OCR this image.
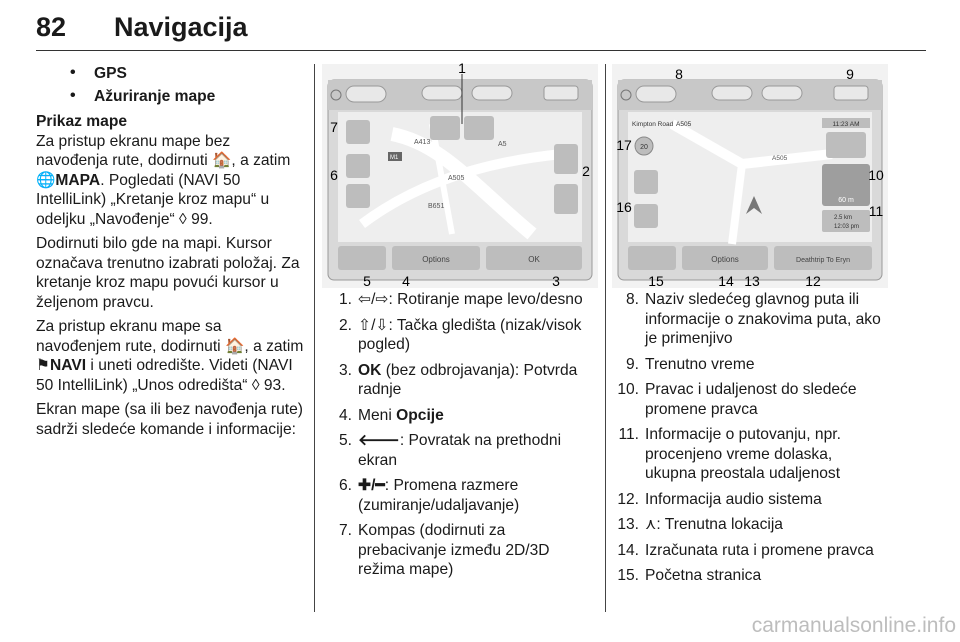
82 Navigacija
• GPS
• Ažuriranje mape
Prikaz mape

Za pristup ekranu mape bez navođenja rute, dodirnuti 🏠, a zatim 🌐MAPA. Pogledati (NAVI 50 IntelliLink) „Kretanje kroz mapu“ u odeljku „Navođenje“ ◊ 99.

Dodirnuti bilo gde na mapi. Kursor označava trenutno izabrati položaj. Za kretanje kroz mapu povući kursor u željenom pravcu.

Za pristup ekranu mape sa navođenjem rute, dodirnuti 🏠, a zatim ⚑NAVI i uneti odredište. Videti (NAVI 50 IntelliLink) „Unos odredišta“ ◊ 93.

Ekran mape (sa ili bez navođenja rute) sadrži sledeće komande i informacije:

A413	A5
M1
A505
B651
Options	OK
1
2
3
4
5
6
7	Kimpton Road A505
A505
11:23 AM
60 m
2.5 km
12:03 pm
20
Options	Deathtrip To Eryn
8	9
10
11
12
13
14
15
16
17
1. ⇦/⇨: Rotiranje mape levo/desno
2. ⇧/⇩: Tačka gledišta (nizak/visok pogled)
3. OK (bez odbrojavanja): Potvrda radnje
4. Meni Opcije
5. 🡐: Povratak na prethodni ekran
6. ✚/━: Promena razmere (zumiranje/udaljavanje)
7. Kompas (dodirnuti za prebacivanje između 2D/3D režima mape)
8. Naziv sledećeg glavnog puta ili informacije o znakovima puta, ako je primenjivo
9. Trenutno vreme
10. Pravac i udaljenost do sledeće promene pravca
11. Informacije o putovanju, npr. procenjeno vreme dolaska, ukupna preostala udaljenost
12. Informacija audio sistema
13. ⋏: Trenutna lokacija
14. Izračunata ruta i promene pravca
15. Početna stranica
carmanualsonline.info
